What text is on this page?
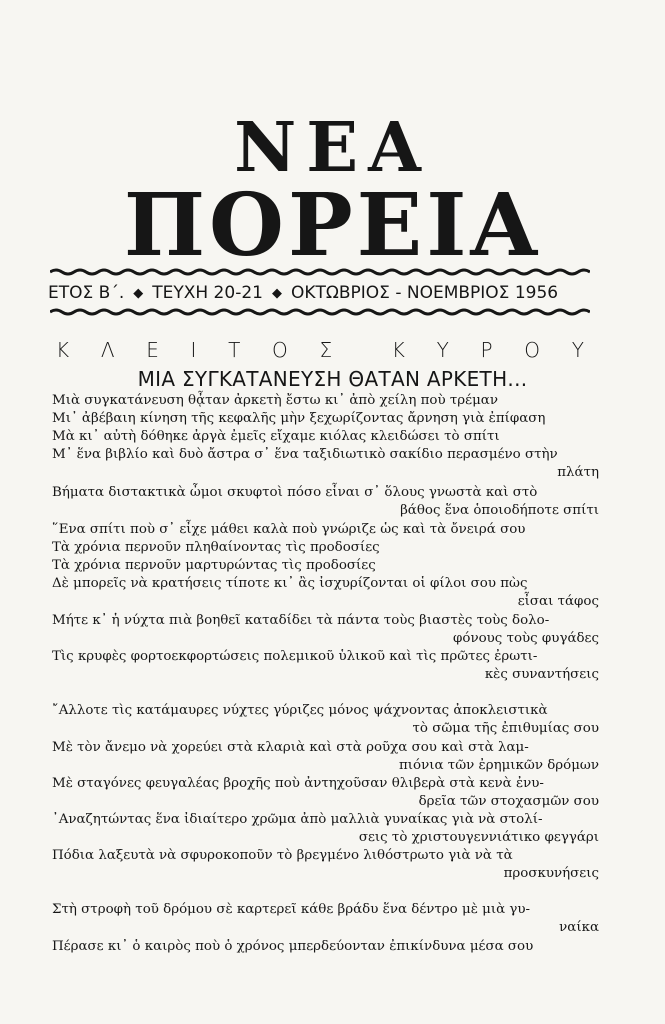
ΝΕΑ
ΠΟΡΕΙΑ
ΕΤΟΣ Β΄. ◆ ΤΕΥΧΗ 20-21 ◆ ΟΚΤΩΒΡΙΟΣ - ΝΟΕΜΒΡΙΟΣ 1956
Κ Λ Ε Ι Τ Ο Σ	Κ Υ Ρ Ο Υ
ΜΙΑ ΣΥΓΚΑΤΑΝΕΥΣΗ ΘΑΤΑΝ ΑΡΚΕΤΗ...
Μιὰ συγκατάνευση θᾆταν ἀρκετὴ ἔστω κι᾽ ἀπὸ χείλη ποὺ τρέμαν
Μι᾽ ἀβέβαιη κίνηση τῆς κεφαλῆς μὴν ξεχωρίζοντας ἄρνηση γιὰ ἐπίφαση
Μὰ κι᾽ αὐτὴ δόθηκε ἀργὰ ἐμεῖς εἴχαμε κιόλας κλειδώσει τὸ σπίτι
Μ᾽ ἕνα βιβλίο καὶ δυὸ ἄστρα σ᾽ ἕνα ταξιδιωτικὸ σακίδιο περασμένο στὴν
πλάτη
Βήματα διστακτικὰ ὦμοι σκυφτοὶ πόσο εἶναι σ᾽ ὅλους γνωστὰ καὶ στὸ
βάθος ἕνα ὁποιοδήποτε σπίτι
῞Ενα σπίτι ποὺ σ᾽ εἶχε μάθει καλὰ ποὺ γνώριζε ὡς καὶ τὰ ὄνειρά σου
Τὰ χρόνια περνοῦν πληθαίνοντας τὶς προδοσίες
Τὰ χρόνια περνοῦν μαρτυρώντας τὶς προδοσίες
Δὲ μπορεῖς νὰ κρατήσεις τίποτε κι᾽ ἂς ἰσχυρίζονται οἱ φίλοι σου πὼς
εἶσαι τάφος
Μήτε κ᾽ ἡ νύχτα πιὰ βοηθεῖ καταδίδει τὰ πάντα τοὺς βιαστὲς τοὺς δολο-
φόνους τοὺς φυγάδες
Τὶς κρυφὲς φορτοεκφορτώσεις πολεμικοῦ ὑλικοῦ καὶ τὶς πρῶτες ἐρωτι-
κὲς συναντήσεις
῎Αλλοτε τὶς κατάμαυρες νύχτες γύριζες μόνος ψάχνοντας ἀποκλειστικὰ
τὸ σῶμα τῆς ἐπιθυμίας σου
Μὲ τὸν ἄνεμο νὰ χορεύει στὰ κλαριὰ καὶ στὰ ροῦχα σου καὶ στὰ λαμ-
πιόνια τῶν ἐρημικῶν δρόμων
Μὲ σταγόνες φευγαλέας βροχῆς ποὺ ἀντηχοῦσαν θλιβερὰ στὰ κενὰ ἐνυ-
δρεῖα τῶν στοχασμῶν σου
᾿Αναζητώντας ἕνα ἰδιαίτερο χρῶμα ἀπὸ μαλλιὰ γυναίκας γιὰ νὰ στολί-
σεις τὸ χριστουγεννιάτικο φεγγάρι
Πόδια λαξευτὰ νὰ σφυροκοποῦν τὸ βρεγμένο λιθόστρωτο γιὰ νὰ τὰ
προσκυνήσεις
Στὴ στροφὴ τοῦ δρόμου σὲ καρτερεῖ κάθε βράδυ ἕνα δέντρο μὲ μιὰ γυ-
ναίκα
Πέρασε κι᾽ ὁ καιρὸς ποὺ ὁ χρόνος μπερδεύονταν ἐπικίνδυνα μέσα σου
